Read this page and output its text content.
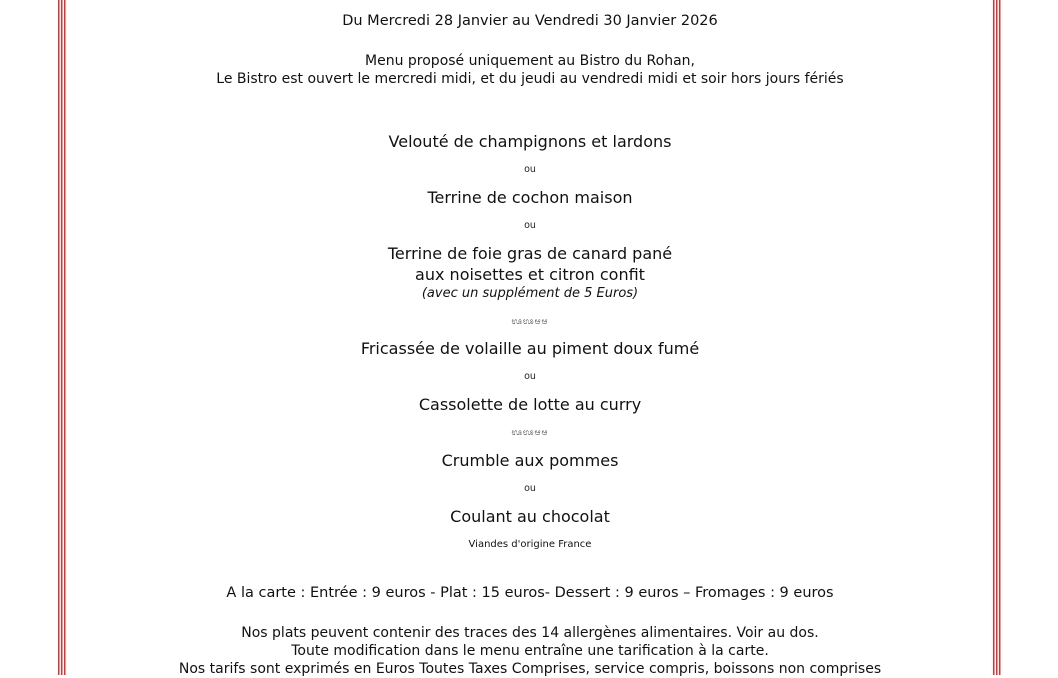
Du Mercredi 28 Janvier au Vendredi 30 Janvier 2026
Menu proposé uniquement au Bistro du Rohan,
Le Bistro est ouvert le mercredi midi, et du jeudi au vendredi midi et soir hors jours fériés
Velouté de champignons et lardons
ou
Terrine de cochon maison
ou
Terrine de foie gras de canard pané
aux noisettes et citron confit
(avec un supplément de 5 Euros)
ಊಊಆಆ
Fricassée de volaille au piment doux fumé
ou
Cassolette de lotte au curry
ಊಊಆಆ
Crumble aux pommes
ou
Coulant au chocolat
Viandes d'origine France
A la carte : Entrée : 9 euros - Plat : 15 euros- Dessert : 9 euros – Fromages : 9 euros
Nos plats peuvent contenir des traces des 14 allergènes alimentaires. Voir au dos.
Toute modification dans le menu entraîne une tarification à la carte.
Nos tarifs sont exprimés en Euros Toutes Taxes Comprises, service compris, boissons non comprises
